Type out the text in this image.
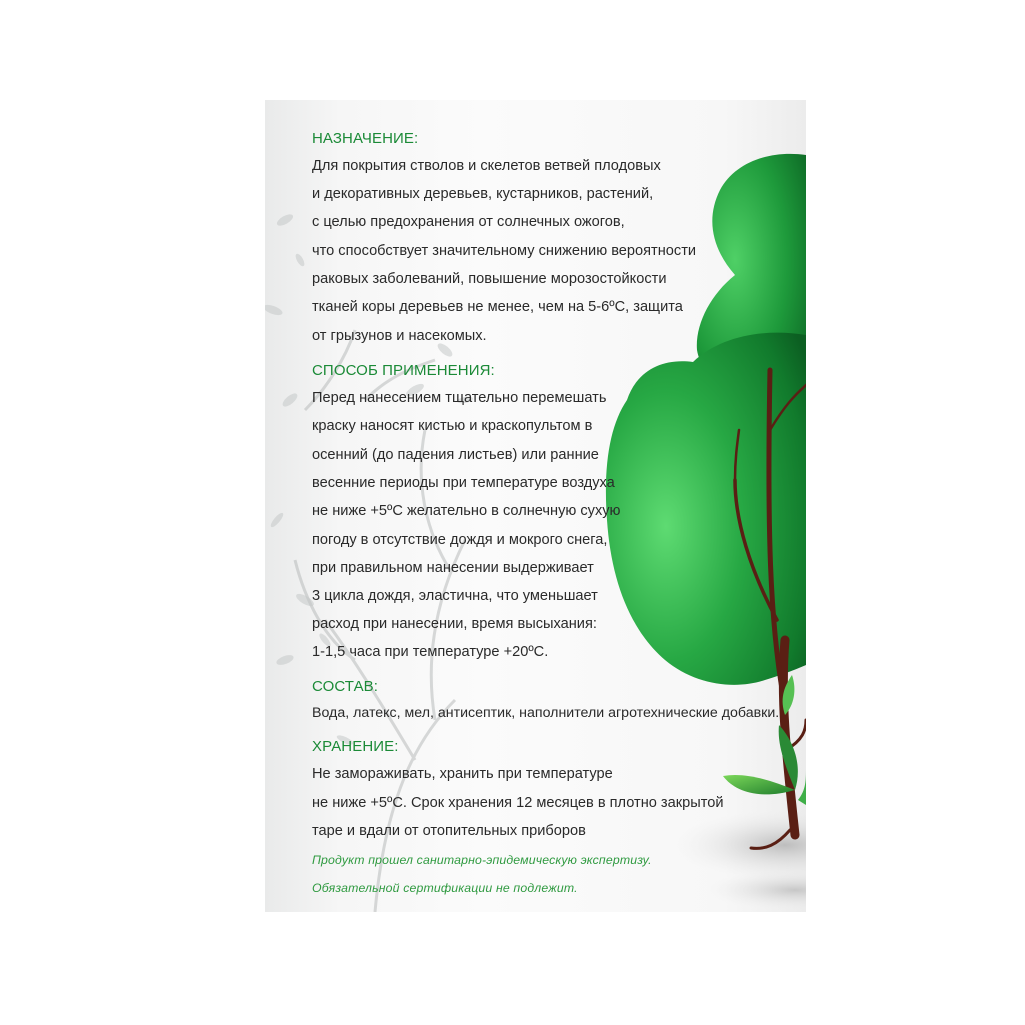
НАЗНАЧЕНИЕ:
Для покрытия стволов и скелетов ветвей плодовых
и декоративных деревьев, кустарников, растений,
с целью предохранения от солнечных ожогов,
что способствует значительному снижению вероятности
раковых заболеваний, повышение морозостойкости
тканей коры деревьев не менее, чем на 5-6ºС, защита
от грызунов и насекомых.
СПОСОБ ПРИМЕНЕНИЯ:
Перед нанесением тщательно перемешать
краску наносят кистью и краскопультом в
осенний (до падения листьев) или ранние
весенние периоды при температуре воздуха
не ниже +5ºС желательно в солнечную сухую
погоду в отсутствие дождя и мокрого снега,
при правильном нанесении выдерживает
3 цикла дождя, эластична, что уменьшает
расход при нанесении, время высыхания:
1-1,5 часа при температуре +20ºС.
СОСТАВ:
Вода, латекс, мел, антисептик, наполнители агротехнические добавки.
ХРАНЕНИЕ:
Не замораживать, хранить при температуре
не ниже +5ºС. Срок хранения 12 месяцев в плотно закрытой
таре и вдали от отопительных приборов
Продукт прошел санитарно-эпидемическую экспертизу.
Обязательной сертификации не подлежит.
